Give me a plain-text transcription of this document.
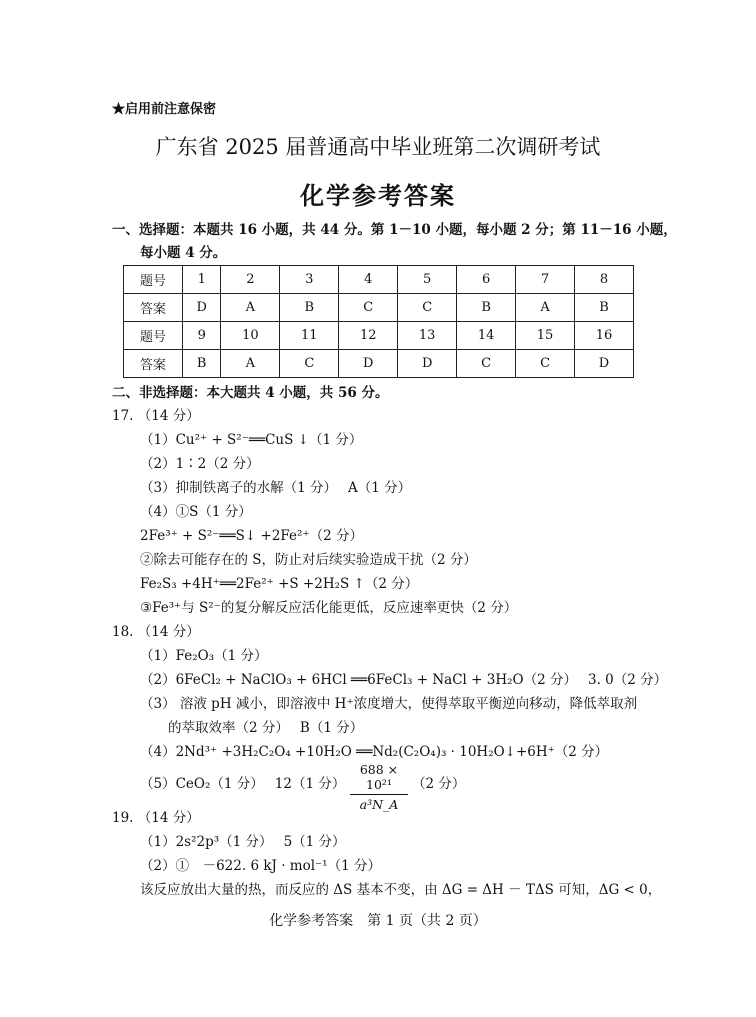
★启用前注意保密
广东省 2025 届普通高中毕业班第二次调研考试
化学参考答案
一、选择题：本题共 16 小题，共 44 分。第 1－10 小题，每小题 2 分；第 11－16 小题，
每小题 4 分。
题号	1	2	3	4	5	6	7	8
答案	D	A	B	C	C	B	A	B
题号	9	10	11	12	13	14	15	16
答案	B	A	C	D	D	C	C	D
二、非选择题：本大题共 4 小题，共 56 分。
17. （14 分）
（1）Cu²⁺ + S²⁻══CuS ↓（1 分）
（2）1∶2（2 分）
（3）抑制铁离子的水解（1 分）　 A（1 分）
（4）①S（1 分）
2Fe³⁺ + S²⁻══S↓ +2Fe²⁺（2 分）
②除去可能存在的 S，防止对后续实验造成干扰（2 分）
Fe₂S₃ +4H⁺══2Fe²⁺ +S +2H₂S ↑（2 分）
③Fe³⁺与 S²⁻的复分解反应活化能更低，反应速率更快（2 分）
18. （14 分）
（1）Fe₂O₃（1 分）
（2）6FeCl₂ + NaClO₃ + 6HCl ══6FeCl₃ + NaCl + 3H₂O（2 分）　 3. 0（2 分）
（3） 溶液 pH 减小，即溶液中 H⁺浓度增大，使得萃取平衡逆向移动，降低萃取剂
的萃取效率（2 分）　 B（1 分）
（4）2Nd³⁺ +3H₂C₂O₄ +10H₂O ══Nd₂(C₂O₄)₃ · 10H₂O↓+6H⁺（2 分）
（5）CeO₂（1 分）　 12（1 分） $\frac{\text{688 × 10²¹}}{\text{a³N\_A}} (2$ 分）
19. （14 分）
（1）2s²2p³（1 分）　 5（1 分）
（2）①　－622. 6 kJ · mol⁻¹（1 分）
该反应放出大量的热，而反应的 ΔS 基本不变，由 ΔG = ΔH － TΔS 可知，ΔG < 0，
化学参考答案　第 1 页（共 2 页）
